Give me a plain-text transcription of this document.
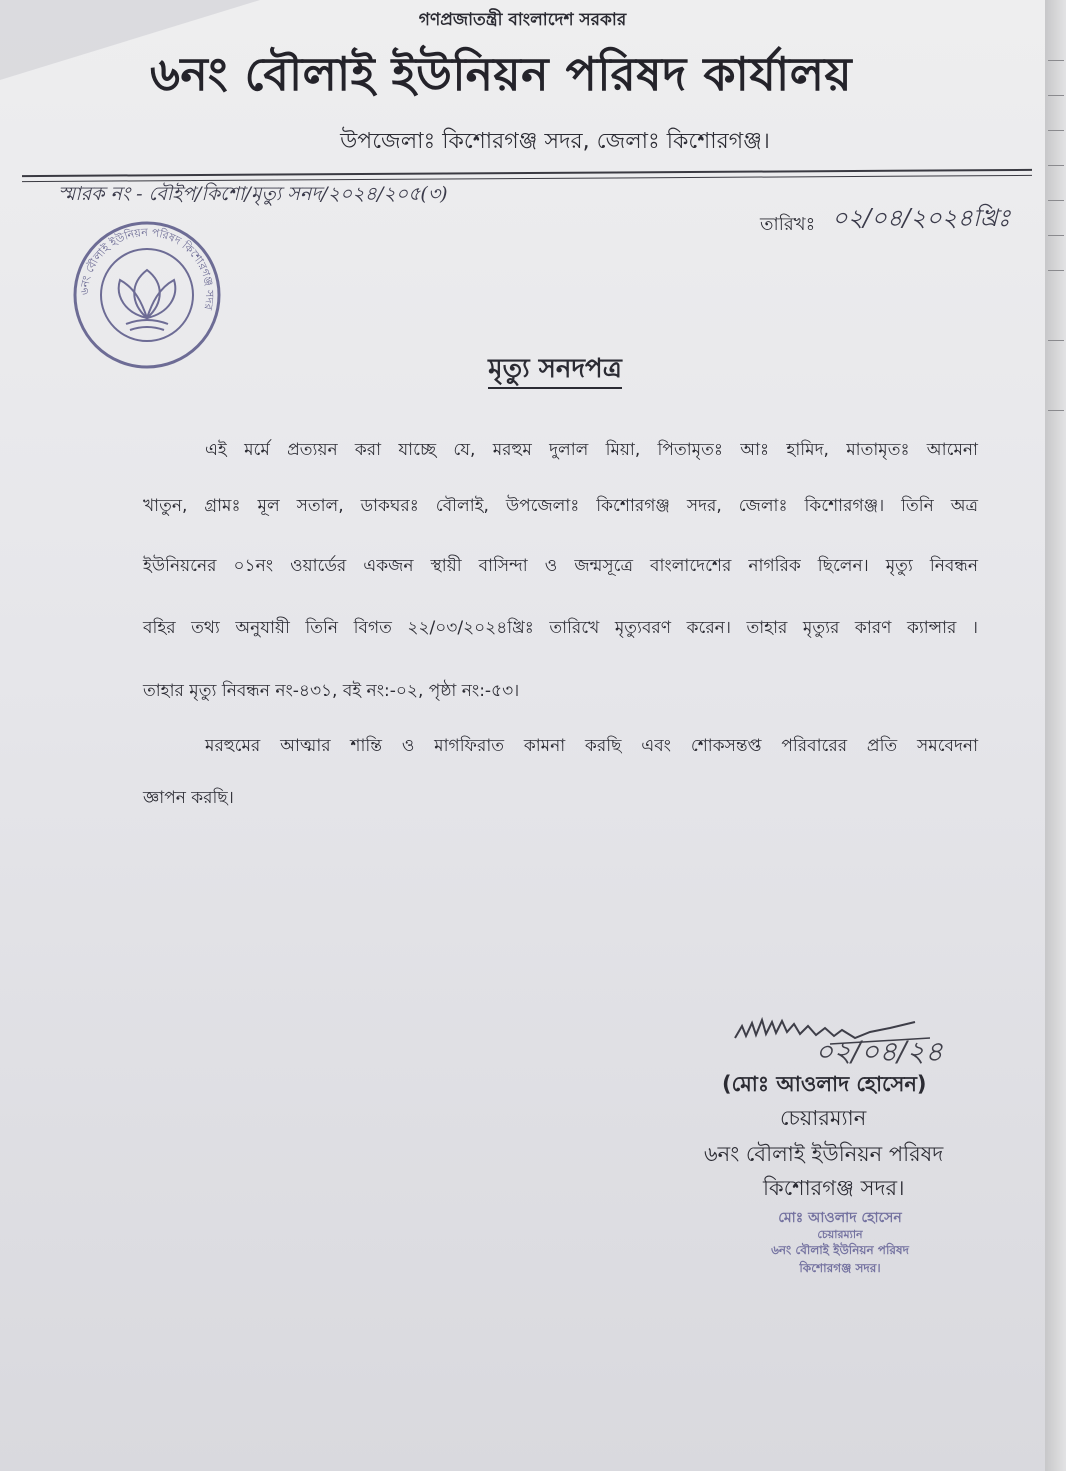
গণপ্রজাতন্ত্রী বাংলাদেশ সরকার
৬নং বৌলাই ইউনিয়ন পরিষদ কার্যালয়
উপজেলাঃ কিশোরগঞ্জ সদর, জেলাঃ কিশোরগঞ্জ।
স্মারক নং - বৌইপ/কিশো/মৃত্যু সনদ/২০২৪/২০৫(৩)
তারিখঃ ০২/০৪/২০২৪খ্রিঃ
৬নং বৌলাই ইউনিয়ন পরিষদ কিশোরগঞ্জ সদর
মৃত্যু সনদপত্র
এই মর্মে প্রত্যয়ন করা যাচ্ছে যে, মরহুম দুলাল মিয়া, পিতামৃতঃ আঃ হামিদ, মাতামৃতঃ আমেনা
খাতুন, গ্রামঃ মূল সতাল, ডাকঘরঃ বৌলাই, উপজেলাঃ কিশোরগঞ্জ সদর, জেলাঃ কিশোরগঞ্জ। তিনি অত্র
ইউনিয়নের ০১নং ওয়ার্ডের একজন স্থায়ী বাসিন্দা ও জন্মসূত্রে বাংলাদেশের নাগরিক ছিলেন। মৃত্যু নিবন্ধন
বহির তথ্য অনুযায়ী তিনি বিগত ২২/০৩/২০২৪খ্রিঃ তারিখে মৃত্যুবরণ করেন। তাহার মৃত্যুর কারণ ক্যান্সার ।
তাহার মৃত্যু নিবন্ধন নং-৪৩১, বই নং:-০২, পৃষ্ঠা নং:-৫৩।
মরহুমের আত্মার শান্তি ও মাগফিরাত কামনা করছি এবং শোকসন্তপ্ত পরিবারের প্রতি সমবেদনা
জ্ঞাপন করছি।
০২/০৪/২৪
(মোঃ আওলাদ হোসেন)
চেয়ারম্যান
৬নং বৌলাই ইউনিয়ন পরিষদ
কিশোরগঞ্জ সদর।
মোঃ আওলাদ হোসেন
চেয়ারম্যান
৬নং বৌলাই ইউনিয়ন পরিষদ
কিশোরগঞ্জ সদর।
